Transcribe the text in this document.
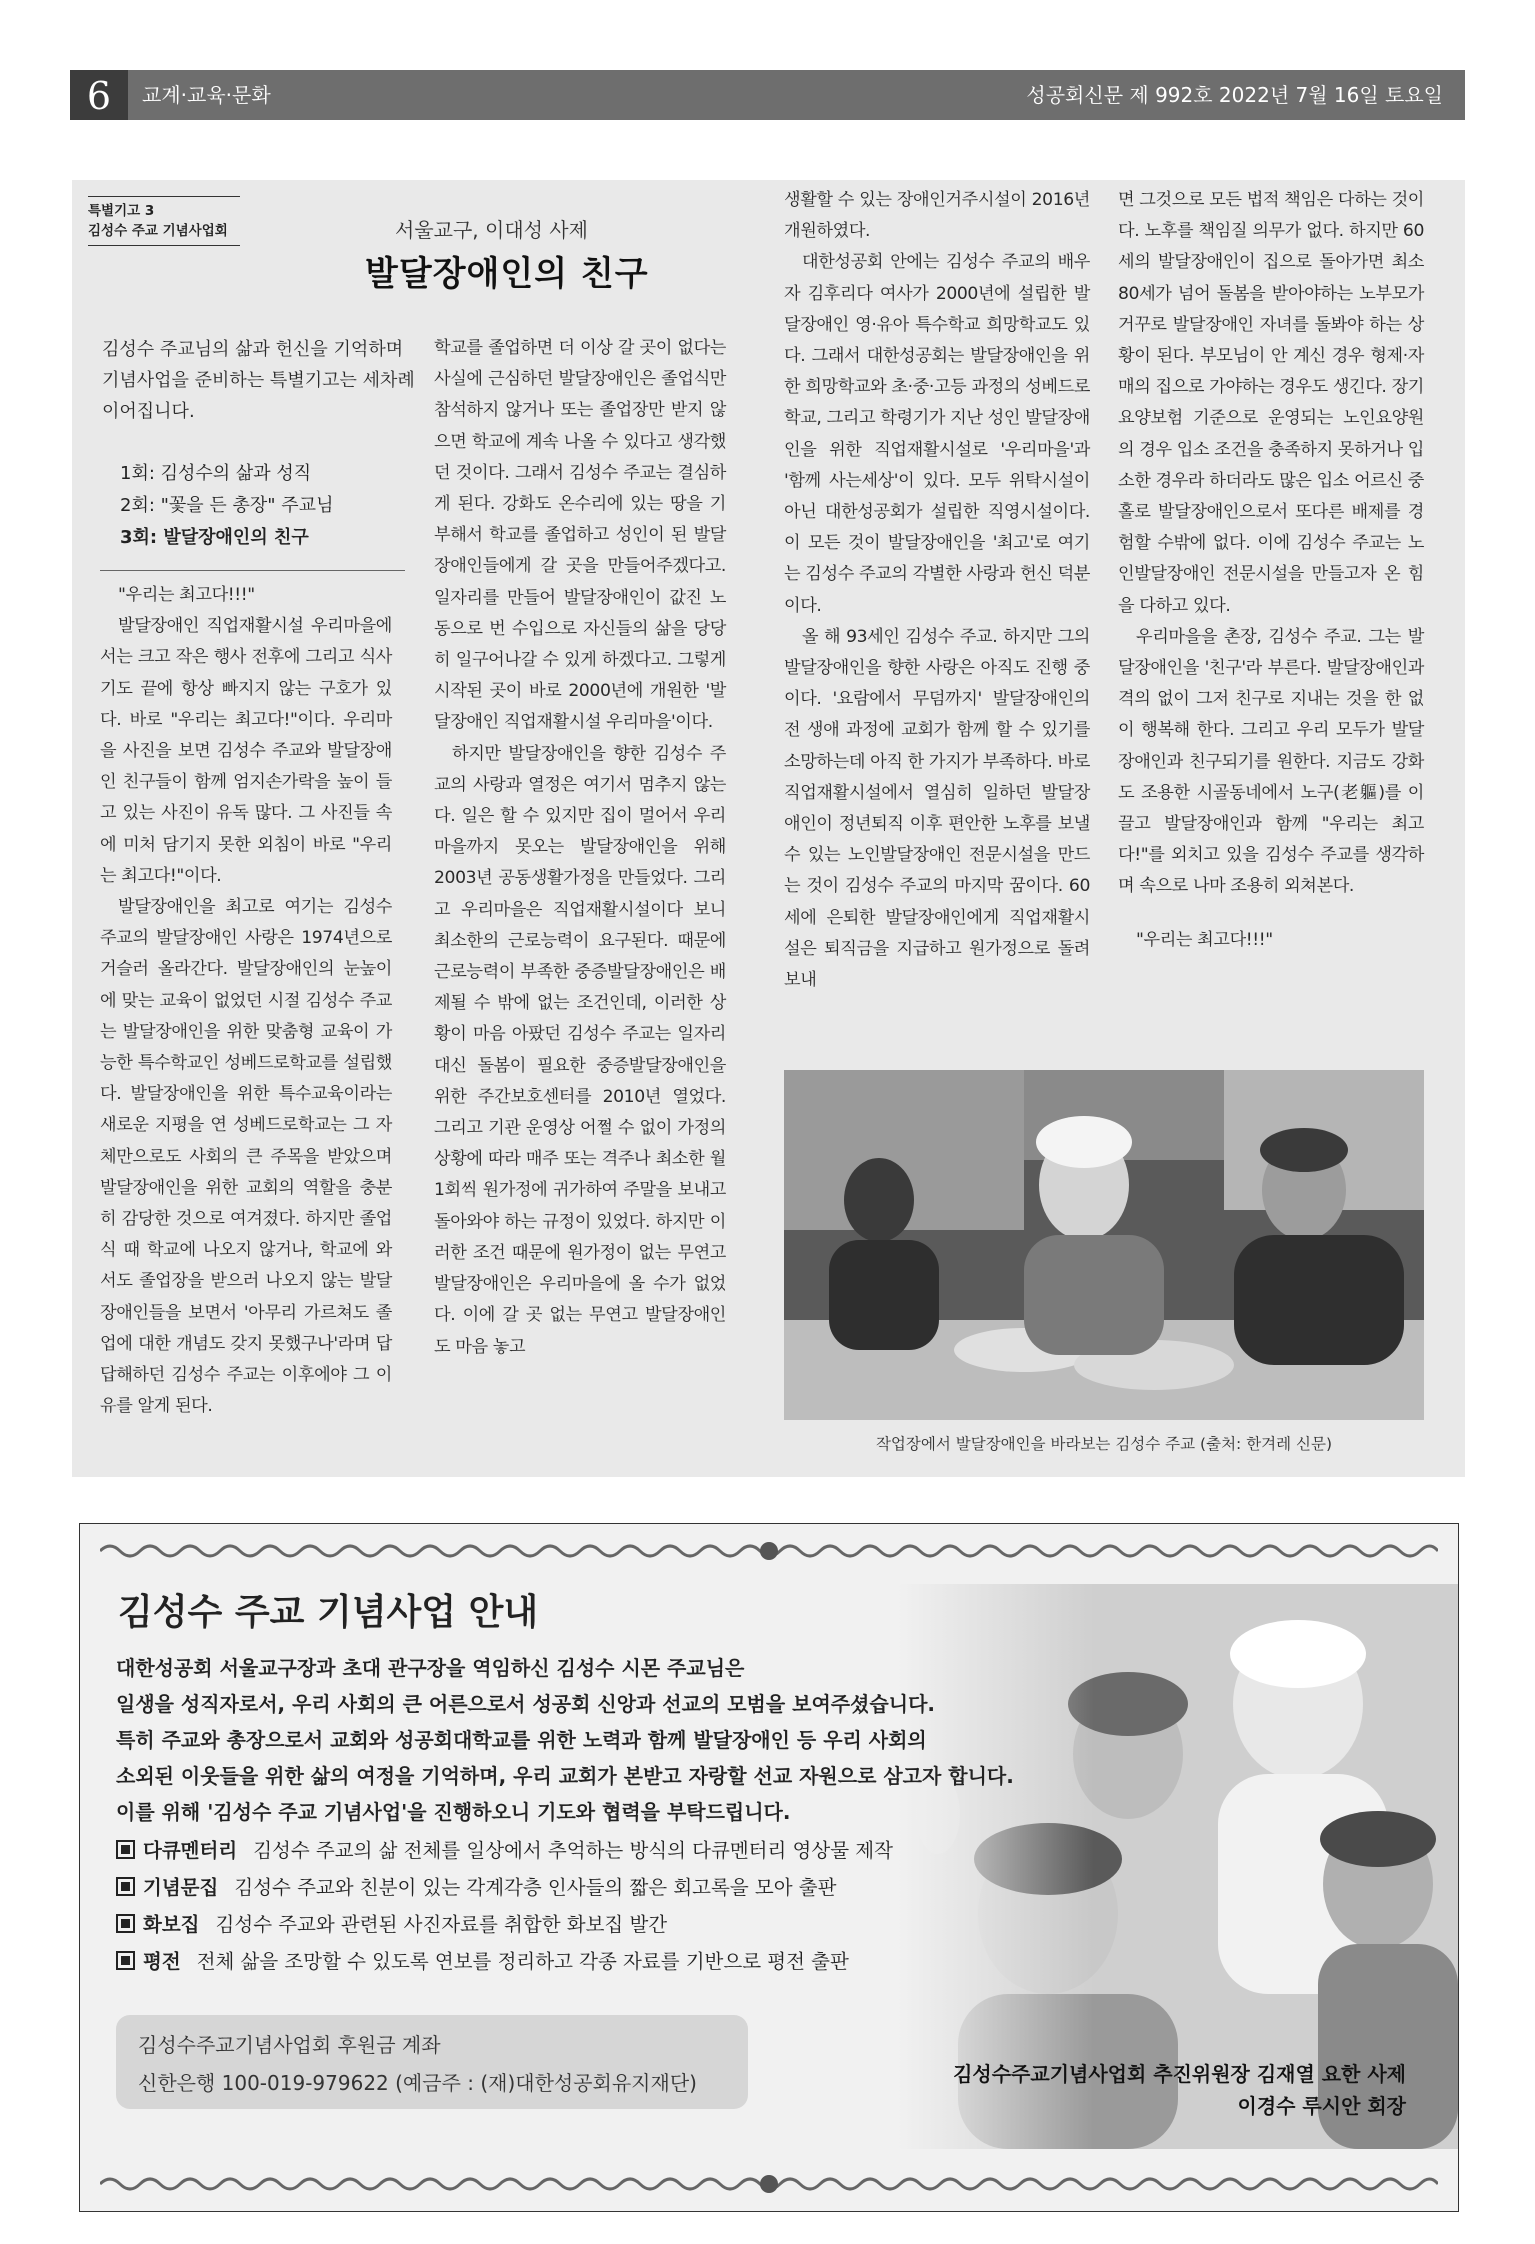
6	교계·교육·문화	성공회신문 제 992호 2022년 7월 16일 토요일
특별기고 3
김성수 주교 기념사업회	서울교구, 이대성 사제
발달장애인의 친구
김성수 주교님의 삶과 헌신을 기억하며 기념사업을 준비하는 특별기고는 세차례 이어집니다.
1회: 김성수의 삶과 성직
2회: "꽃을 든 총장" 주교님
3회: 발달장애인의 친구

"우리는 최고다!!!"

발달장애인 직업재활시설 우리마을에서는 크고 작은 행사 전후에 그리고 식사기도 끝에 항상 빠지지 않는 구호가 있다. 바로 "우리는 최고다!"이다. 우리마을 사진을 보면 김성수 주교와 발달장애인 친구들이 함께 엄지손가락을 높이 들고 있는 사진이 유독 많다. 그 사진들 속에 미처 담기지 못한 외침이 바로 "우리는 최고다!"이다.

발달장애인을 최고로 여기는 김성수 주교의 발달장애인 사랑은 1974년으로 거슬러 올라간다. 발달장애인의 눈높이에 맞는 교육이 없었던 시절 김성수 주교는 발달장애인을 위한 맞춤형 교육이 가능한 특수학교인 성베드로학교를 설립했다. 발달장애인을 위한 특수교육이라는 새로운 지평을 연 성베드로학교는 그 자체만으로도 사회의 큰 주목을 받았으며 발달장애인을 위한 교회의 역할을 충분히 감당한 것으로 여겨졌다. 하지만 졸업식 때 학교에 나오지 않거나, 학교에 와서도 졸업장을 받으러 나오지 않는 발달장애인들을 보면서 '아무리 가르쳐도 졸업에 대한 개념도 갖지 못했구나'라며 답답해하던 김성수 주교는 이후에야 그 이유를 알게 된다.

학교를 졸업하면 더 이상 갈 곳이 없다는 사실에 근심하던 발달장애인은 졸업식만 참석하지 않거나 또는 졸업장만 받지 않으면 학교에 계속 나올 수 있다고 생각했던 것이다. 그래서 김성수 주교는 결심하게 된다. 강화도 온수리에 있는 땅을 기부해서 학교를 졸업하고 성인이 된 발달장애인들에게 갈 곳을 만들어주겠다고. 일자리를 만들어 발달장애인이 값진 노동으로 번 수입으로 자신들의 삶을 당당히 일구어나갈 수 있게 하겠다고. 그렇게 시작된 곳이 바로 2000년에 개원한 '발달장애인 직업재활시설 우리마을'이다.

하지만 발달장애인을 향한 김성수 주교의 사랑과 열정은 여기서 멈추지 않는다. 일은 할 수 있지만 집이 멀어서 우리마을까지 못오는 발달장애인을 위해 2003년 공동생활가정을 만들었다. 그리고 우리마을은 직업재활시설이다 보니 최소한의 근로능력이 요구된다. 때문에 근로능력이 부족한 중증발달장애인은 배제될 수 밖에 없는 조건인데, 이러한 상황이 마음 아팠던 김성수 주교는 일자리대신 돌봄이 필요한 중증발달장애인을 위한 주간보호센터를 2010년 열었다. 그리고 기관 운영상 어쩔 수 없이 가정의 상황에 따라 매주 또는 격주나 최소한 월 1회씩 원가정에 귀가하여 주말을 보내고 돌아와야 하는 규정이 있었다. 하지만 이러한 조건 때문에 원가정이 없는 무연고 발달장애인은 우리마을에 올 수가 없었다. 이에 갈 곳 없는 무연고 발달장애인도 마음 놓고

생활할 수 있는 장애인거주시설이 2016년 개원하였다.

대한성공회 안에는 김성수 주교의 배우자 김후리다 여사가 2000년에 설립한 발달장애인 영·유아 특수학교 희망학교도 있다. 그래서 대한성공회는 발달장애인을 위한 희망학교와 초·중·고등 과정의 성베드로학교, 그리고 학령기가 지난 성인 발달장애인을 위한 직업재활시설로 '우리마을'과 '함께 사는세상'이 있다. 모두 위탁시설이 아닌 대한성공회가 설립한 직영시설이다. 이 모든 것이 발달장애인을 '최고'로 여기는 김성수 주교의 각별한 사랑과 헌신 덕분이다.

올 해 93세인 김성수 주교. 하지만 그의 발달장애인을 향한 사랑은 아직도 진행 중이다. '요람에서 무덤까지' 발달장애인의 전 생애 과정에 교회가 함께 할 수 있기를 소망하는데 아직 한 가지가 부족하다. 바로 직업재활시설에서 열심히 일하던 발달장애인이 정년퇴직 이후 편안한 노후를 보낼 수 있는 노인발달장애인 전문시설을 만드는 것이 김성수 주교의 마지막 꿈이다. 60세에 은퇴한 발달장애인에게 직업재활시설은 퇴직금을 지급하고 원가정으로 돌려보내

면 그것으로 모든 법적 책임은 다하는 것이다. 노후를 책임질 의무가 없다. 하지만 60세의 발달장애인이 집으로 돌아가면 최소 80세가 넘어 돌봄을 받아야하는 노부모가 거꾸로 발달장애인 자녀를 돌봐야 하는 상황이 된다. 부모님이 안 계신 경우 형제·자매의 집으로 가야하는 경우도 생긴다. 장기요양보험 기준으로 운영되는 노인요양원의 경우 입소 조건을 충족하지 못하거나 입소한 경우라 하더라도 많은 입소 어르신 중 홀로 발달장애인으로서 또다른 배제를 경험할 수밖에 없다. 이에 김성수 주교는 노인발달장애인 전문시설을 만들고자 온 힘을 다하고 있다.

우리마을을 촌장, 김성수 주교. 그는 발달장애인을 '친구'라 부른다. 발달장애인과 격의 없이 그저 친구로 지내는 것을 한 없이 행복해 한다. 그리고 우리 모두가 발달장애인과 친구되기를 원한다. 지금도 강화도 조용한 시골동네에서 노구(老軀)를 이끌고 발달장애인과 함께 "우리는 최고다!"를 외치고 있을 김성수 주교를 생각하며 속으로 나마 조용히 외쳐본다.

"우리는 최고다!!!"

작업장에서 발달장애인을 바라보는 김성수 주교 (출처: 한겨레 신문)
김성수 주교 기념사업 안내
대한성공회 서울교구장과 초대 관구장을 역임하신 김성수 시몬 주교님은
일생을 성직자로서, 우리 사회의 큰 어른으로서 성공회 신앙과 선교의 모범을 보여주셨습니다.
특히 주교와 총장으로서 교회와 성공회대학교를 위한 노력과 함께 발달장애인 등 우리 사회의
소외된 이웃들을 위한 삶의 여정을 기억하며, 우리 교회가 본받고 자랑할 선교 자원으로 삼고자 합니다.
이를 위해 '김성수 주교 기념사업'을 진행하오니 기도와 협력을 부탁드립니다.
다큐멘터리 김성수 주교의 삶 전체를 일상에서 추억하는 방식의 다큐멘터리 영상물 제작
기념문집 김성수 주교와 친분이 있는 각계각층 인사들의 짧은 회고록을 모아 출판
화보집 김성수 주교와 관련된 사진자료를 취합한 화보집 발간
평전 전체 삶을 조망할 수 있도록 연보를 정리하고 각종 자료를 기반으로 평전 출판
김성수주교기념사업회 후원금 계좌
신한은행 100-019-979622 (예금주 : (재)대한성공회유지재단)	김성수주교기념사업회 추진위원장 김재열 요한 사제
이경수 루시안 회장
